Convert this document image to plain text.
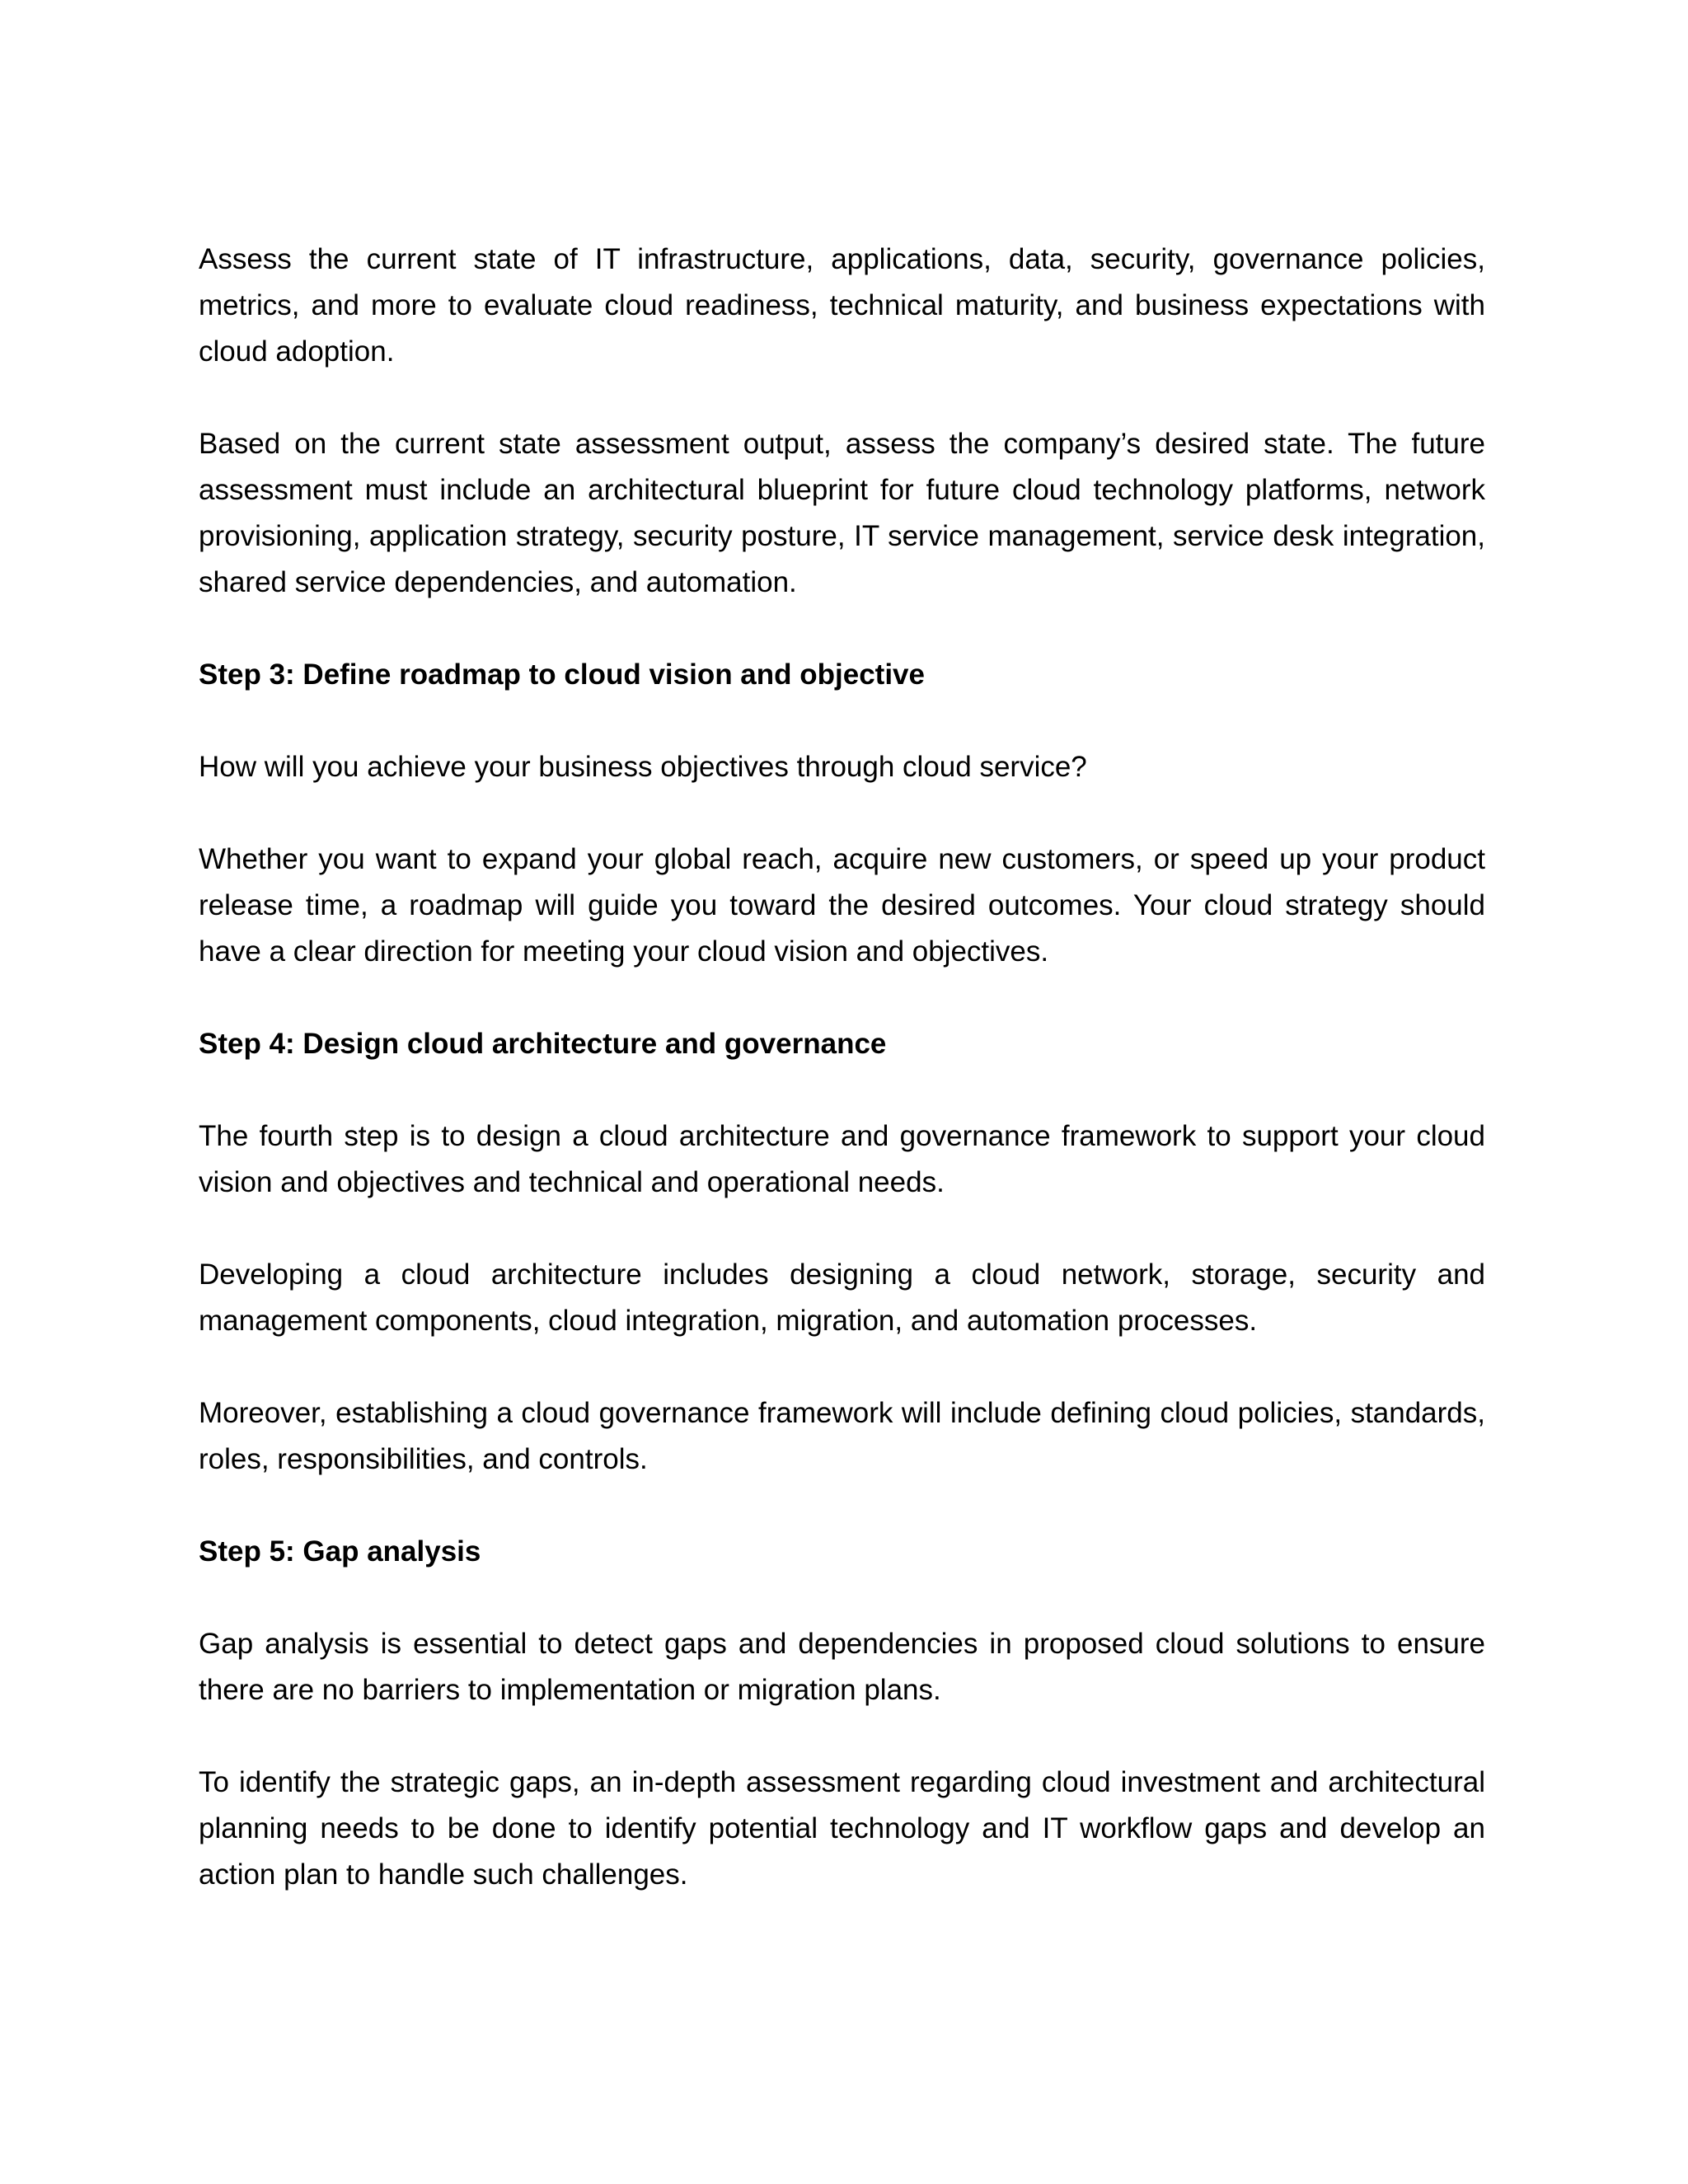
Assess the current state of IT infrastructure, applications, data, security, governance policies, metrics, and more to evaluate cloud readiness, technical maturity, and business expectations with cloud adoption.

Based on the current state assessment output, assess the company’s desired state. The future assessment must include an architectural blueprint for future cloud technology platforms, network provisioning, application strategy, security posture, IT service management, service desk integration, shared service dependencies, and automation.

Step 3: Define roadmap to cloud vision and objective

How will you achieve your business objectives through cloud service?

Whether you want to expand your global reach, acquire new customers, or speed up your product release time, a roadmap will guide you toward the desired outcomes. Your cloud strategy should have a clear direction for meeting your cloud vision and objectives.

Step 4: Design cloud architecture and governance

The fourth step is to design a cloud architecture and governance framework to support your cloud vision and objectives and technical and operational needs.

Developing a cloud architecture includes designing a cloud network, storage, security and management components, cloud integration, migration, and automation processes.

Moreover, establishing a cloud governance framework will include defining cloud policies, standards, roles, responsibilities, and controls.

Step 5: Gap analysis

Gap analysis is essential to detect gaps and dependencies in proposed cloud solutions to ensure there are no barriers to implementation or migration plans.

To identify the strategic gaps, an in-depth assessment regarding cloud investment and architectural planning needs to be done to identify potential technology and IT workflow gaps and develop an action plan to handle such challenges.
